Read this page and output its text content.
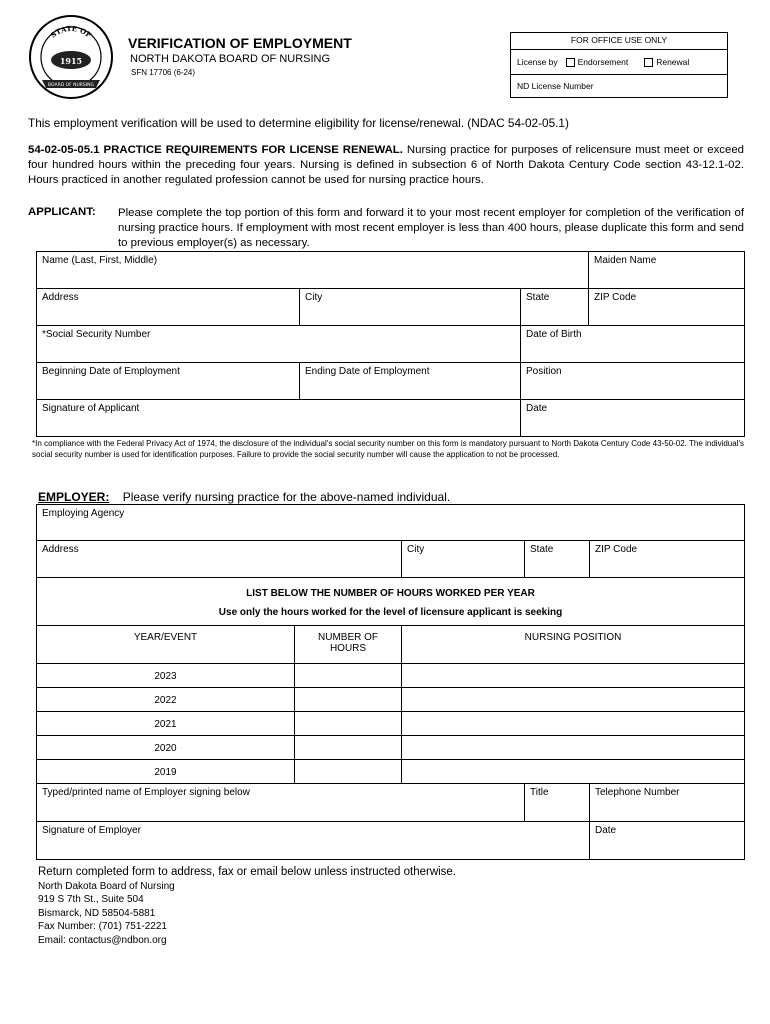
STATE OF
1915
BOARD OF NURSING
VERIFICATION OF EMPLOYMENT
NORTH DAKOTA BOARD OF NURSING
SFN 17706 (6-24)
FOR OFFICE USE ONLY
License by Endorsement	Renewal
ND License Number
This employment verification will be used to determine eligibility for license/renewal. (NDAC 54-02-05.1)
54-02-05-05.1 PRACTICE REQUIREMENTS FOR LICENSE RENEWAL. Nursing practice for purposes of relicensure must meet or exceed four hundred hours within the preceding four years. Nursing is defined in subsection 6 of North Dakota Century Code section 43-12.1-02. Hours practiced in another regulated profession cannot be used for nursing practice hours.
APPLICANT: Please complete the top portion of this form and forward it to your most recent employer for completion of the verification of nursing practice hours. If employment with most recent employer is less than 400 hours, please duplicate this form and send to previous employer(s) as necessary.
Name (Last, First, Middle)			Maiden Name
Address	City	State	ZIP Code
*Social Security Number		Date of Birth	
Beginning Date of Employment	Ending Date of Employment	Position	
Signature of Applicant		Date	
*In compliance with the Federal Privacy Act of 1974, the disclosure of the individual's social security number on this form is mandatory pursuant to North Dakota Century Code 43-50-02. The individual's social security number is used for identification purposes. Failure to provide the social security number will cause the application to not be processed.
EMPLOYER: Please verify nursing practice for the above-named individual.
Employing Agency				
Address		City	State	ZIP Code

LIST BELOW THE NUMBER OF HOURS WORKED PER YEAR
Use only the hours worked for the level of licensure applicant is seeking				

YEAR/EVENT	NUMBER OF HOURS	NURSING POSITION		
2023				
2022				
2021				
2020				
2019				
Typed/printed name of Employer signing below			Title	Telephone Number
Signature of Employer				Date
Return completed form to address, fax or email below unless instructed otherwise.
North Dakota Board of Nursing
919 S 7th St., Suite 504
Bismarck, ND 58504-5881
Fax Number: (701) 751-2221
Email: contactus@ndbon.org
